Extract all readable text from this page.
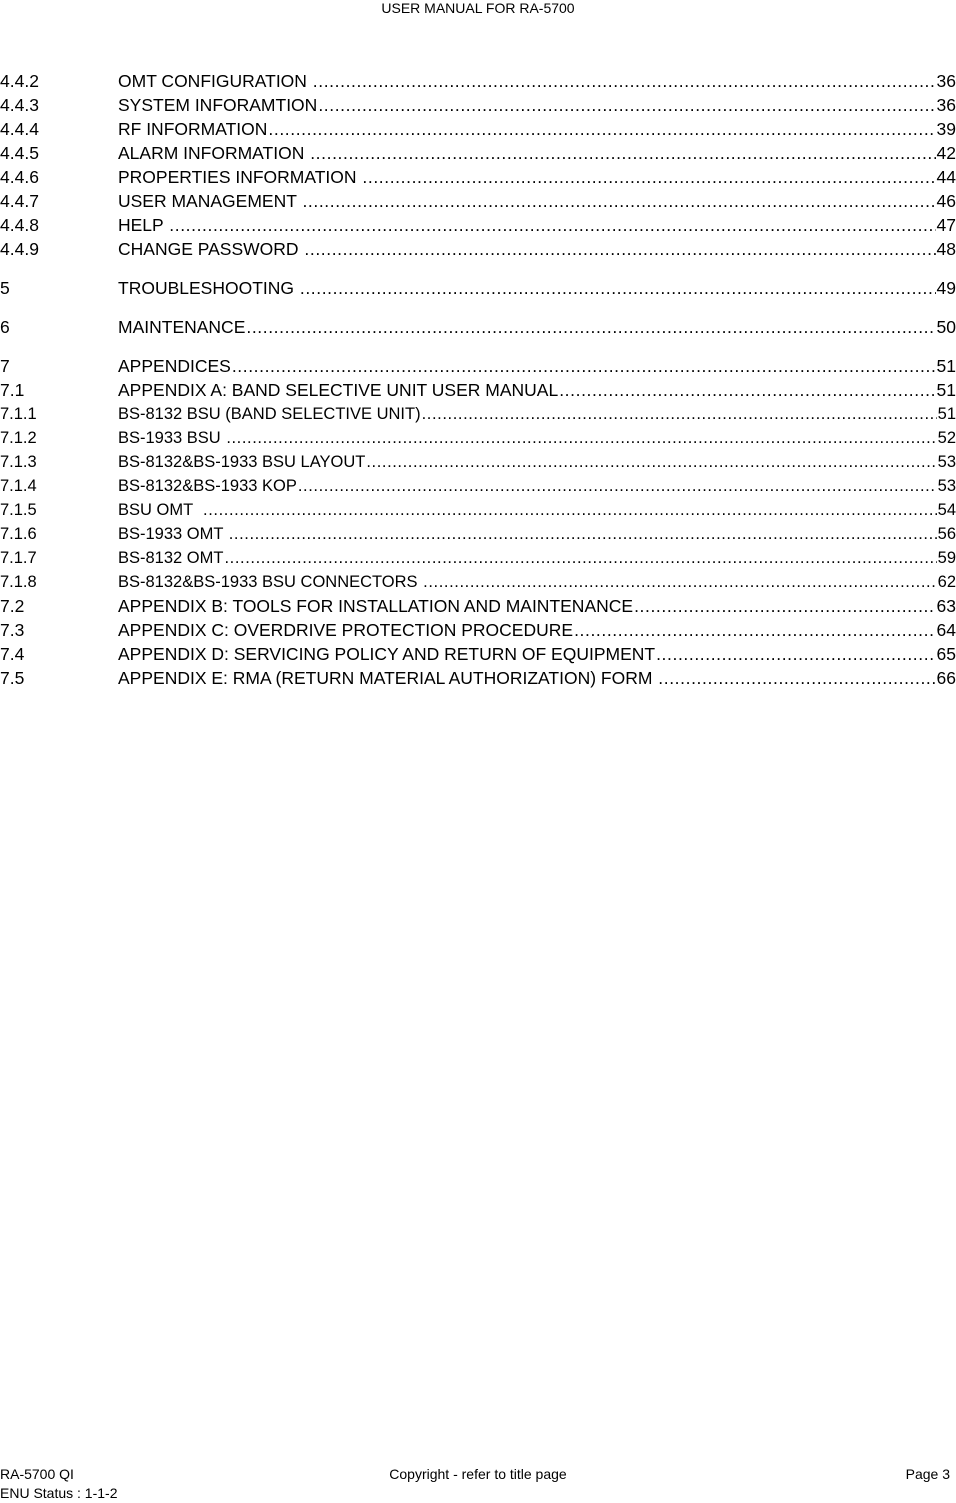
USER MANUAL FOR RA-5700
4.4.2	OMT CONFIGURATION .....	36
4.4.3	SYSTEM INFORAMTION .....	36
4.4.4	RF INFORMATION .....	39
4.4.5	ALARM INFORMATION .....	42
4.4.6	PROPERTIES INFORMATION .....	44
4.4.7	USER MANAGEMENT .....	46
4.4.8	HELP .....	47
4.4.9	CHANGE PASSWORD .....	48
5	TROUBLESHOOTING .....	49
6	MAINTENANCE .....	50
7	APPENDICES .....	51
7.1	APPENDIX A: BAND SELECTIVE UNIT USER MANUAL .....	51
7.1.1	BS-8132 BSU (BAND SELECTIVE UNIT) .....	51
7.1.2	BS-1933 BSU .....	52
7.1.3	BS-8132&BS-1933 BSU LAYOUT .....	53
7.1.4	BS-8132&BS-1933 KOP .....	53
7.1.5	BSU OMT .....	54
7.1.6	BS-1933 OMT .....	56
7.1.7	BS-8132 OMT .....	59
7.1.8	BS-8132&BS-1933 BSU CONNECTORS .....	62
7.2	APPENDIX B: TOOLS FOR INSTALLATION AND MAINTENANCE .....	63
7.3	APPENDIX C: OVERDRIVE PROTECTION PROCEDURE .....	64
7.4	APPENDIX D: SERVICING POLICY AND RETURN OF EQUIPMENT .....	65
7.5	APPENDIX E: RMA (RETURN MATERIAL AUTHORIZATION) FORM .....	66
RA-5700 QI
ENU Status : 1-1-2
Copyright - refer to title page	Page 3
